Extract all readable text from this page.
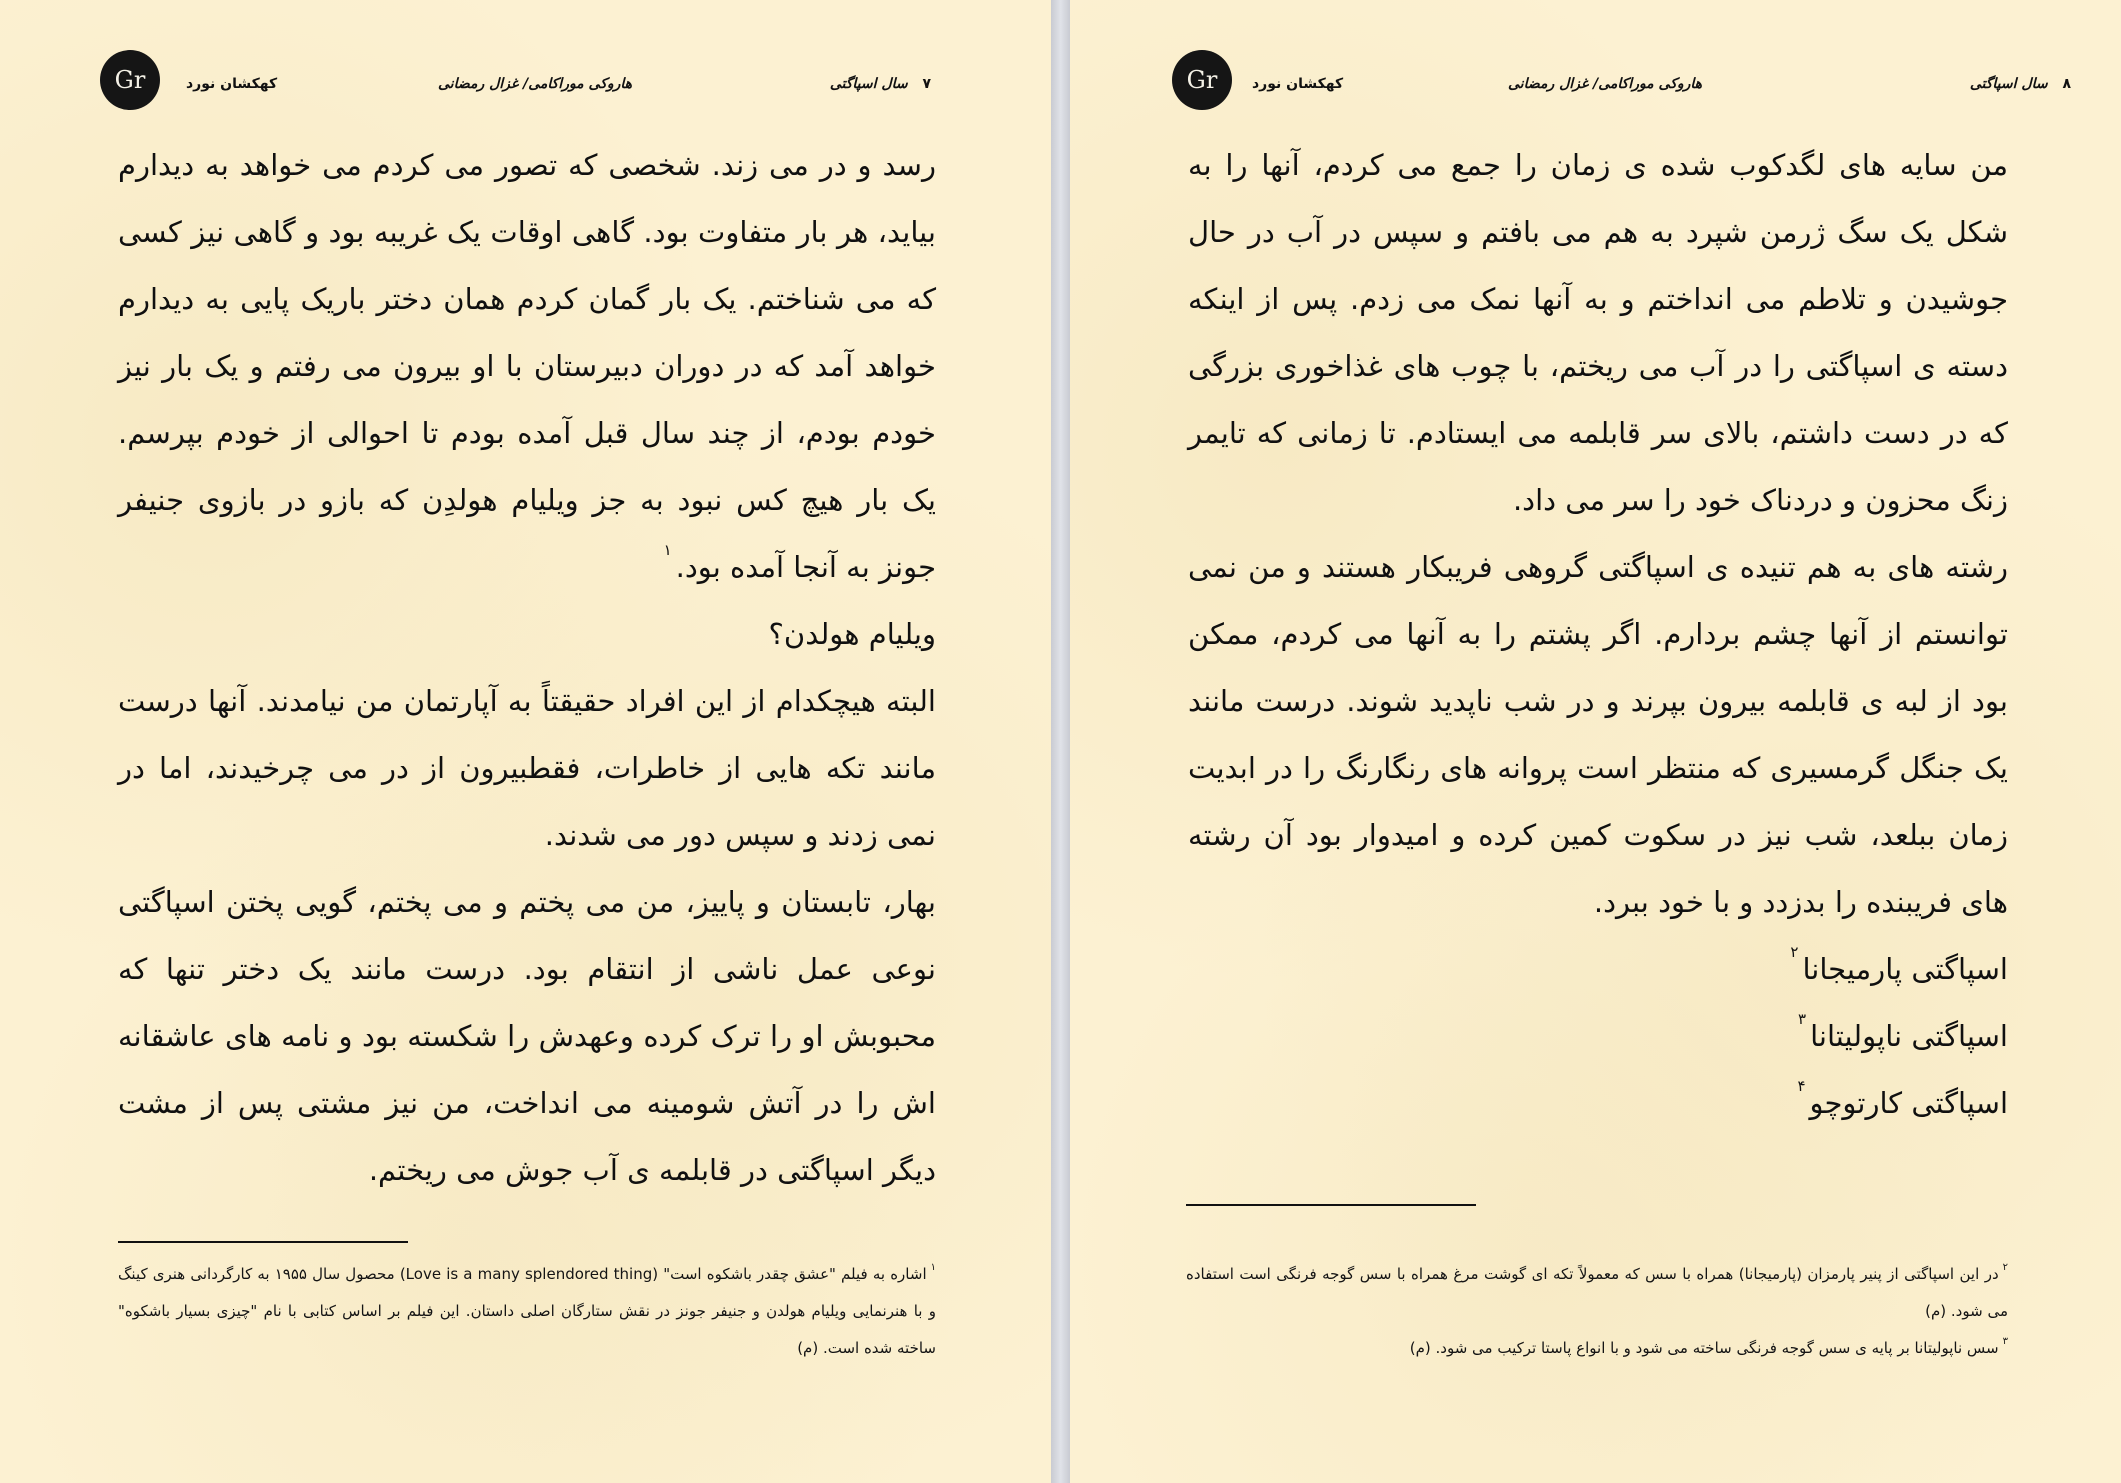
Gr	کهکشان نورد	هاروکی موراکامی/ غزال رمضانی	۷ سال اسپاگتی

رسد و در می زند. شخصی که تصور می کردم می خواهد به دیدارم بیاید، هر بار متفاوت بود. گاهی اوقات یک غریبه بود و گاهی نیز کسی که می شناختم. یک بار گمان کردم همان دختر باریک پایی به دیدارم خواهد آمد که در دوران دبیرستان با او بیرون می رفتم و یک بار نیز خودم بودم، از چند سال قبل آمده بودم تا احوالی از خودم بپرسم. یک بار هیچ کس نبود به جز ویلیام هولدِن که بازو در بازوی جنیفر جونز به آنجا آمده بود.$^۱$

ویلیام هولدن؟

البته هیچکدام از این افراد حقیقتاً به آپارتمان من نیامدند. آنها درست مانند تکه هایی از خاطرات، فقطبیرون از در می چرخیدند، اما در نمی زدند و سپس دور می شدند.

بهار، تابستان و پاییز، من می پختم و می پختم، گویی پختن اسپاگتی نوعی عمل ناشی از انتقام بود. درست مانند یک دختر تنها که محبوبش او را ترک کرده وعهدش را شکسته بود و نامه های عاشقانه اش را در آتش شومینه می انداخت، من نیز مشتی پس از مشت دیگر اسپاگتی در قابلمه ی آب جوش می ریختم.

$^۱$اشاره به فیلم "عشق چقدر باشکوه است" (Love is a many splendored thing) محصول سال ۱۹۵۵ به کارگردانی هنری کینگ و با هنرنمایی ویلیام هولدن و جنیفر جونز در نقش ستارگان اصلی داستان. این فیلم بر اساس کتابی با نام "چیزی بسیار باشکوه" ساخته شده است. (م)

Gr	کهکشان نورد	هاروکی موراکامی/ غزال رمضانی	۸ سال اسپاگتی

من سایه های لگدکوب شده ی زمان را جمع می کردم، آنها را به شکل یک سگ ژرمن شپرد به هم می بافتم و سپس در آب در حال جوشیدن و تلاطم می انداختم و به آنها نمک می زدم. پس از اینکه دسته ی اسپاگتی را در آب می ریختم، با چوب های غذاخوری بزرگی که در دست داشتم، بالای سر قابلمه می ایستادم. تا زمانی که تایمر زنگ محزون و دردناک خود را سر می داد.

رشته های به هم تنیده ی اسپاگتی گروهی فریبکار هستند و من نمی توانستم از آنها چشم بردارم. اگر پشتم را به آنها می کردم، ممکن بود از لبه ی قابلمه بیرون بپرند و در شب ناپدید شوند. درست مانند یک جنگل گرمسیری که منتظر است پروانه های رنگارنگ را در ابدیت زمان ببلعد، شب نیز در سکوت کمین کرده و امیدوار بود آن رشته های فریبنده را بدزدد و با خود ببرد.

اسپاگتی پارمیجانا$^۲$

اسپاگتی ناپولیتانا$^۳$

اسپاگتی کارتوچو$^۴$

$^۲$در این اسپاگتی از پنیر پارمزان (پارمیجانا) همراه با سس که معمولاً تکه ای گوشت مرغ همراه با سس گوجه فرنگی است استفاده می شود. (م)

$^۳$سس ناپولیتانا بر پایه ی سس گوجه فرنگی ساخته می شود و با انواع پاستا ترکیب می شود. (م)
